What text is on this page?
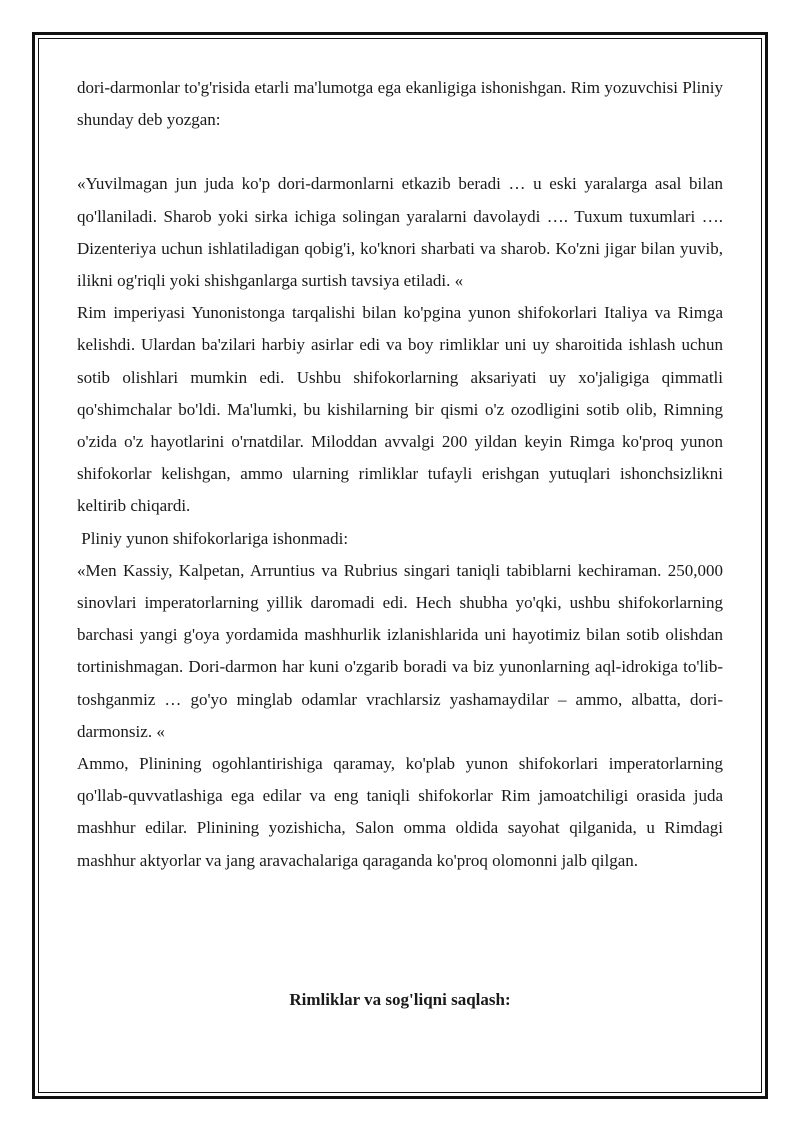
dori-darmonlar to'g'risida etarli ma'lumotga ega ekanligiga ishonishgan. Rim yozuvchisi Pliniy shunday deb yozgan:

«Yuvilmagan jun juda ko'p dori-darmonlarni etkazib beradi … u eski yaralarga asal bilan qo'llaniladi. Sharob yoki sirka ichiga solingan yaralarni davolaydi …. Tuxum tuxumlari …. Dizenteriya uchun ishlatiladigan qobig'i, ko'knori sharbati va sharob. Ko'zni jigar bilan yuvib, ilikni og'riqli yoki shishganlarga surtish tavsiya etiladi. «

Rim imperiyasi Yunonistonga tarqalishi bilan ko'pgina yunon shifokorlari Italiya va Rimga kelishdi. Ulardan ba'zilari harbiy asirlar edi va boy rimliklar uni uy sharoitida ishlash uchun sotib olishlari mumkin edi. Ushbu shifokorlarning aksariyati uy xo'jaligiga qimmatli qo'shimchalar bo'ldi. Ma'lumki, bu kishilarning bir qismi o'z ozodligini sotib olib, Rimning o'zida o'z hayotlarini o'rnatdilar. Miloddan avvalgi 200 yildan keyin Rimga ko'proq yunon shifokorlar kelishgan, ammo ularning rimliklar tufayli erishgan yutuqlari ishonchsizlikni keltirib chiqardi.

Pliniy yunon shifokorlariga ishonmadi:

«Men Kassiy, Kalpetan, Arruntius va Rubrius singari taniqli tabiblarni kechiraman. 250,000 sinovlari imperatorlarning yillik daromadi edi. Hech shubha yo'qki, ushbu shifokorlarning barchasi yangi g'oya yordamida mashhurlik izlanishlarida uni hayotimiz bilan sotib olishdan tortinishmagan. Dori-darmon har kuni o'zgarib boradi va biz yunonlarning aql-idrokiga to'lib-toshganmiz … go'yo minglab odamlar vrachlarsiz yashamaydilar – ammo, albatta, dori-darmonsiz. «

Ammo, Plinining ogohlantirishiga qaramay, ko'plab yunon shifokorlari imperatorlarning qo'llab-quvvatlashiga ega edilar va eng taniqli shifokorlar Rim jamoatchiligi orasida juda mashhur edilar. Plinining yozishicha, Salon omma oldida sayohat qilganida, u Rimdagi mashhur aktyorlar va jang aravachalariga qaraganda ko'proq olomonni jalb qilgan.

Rimliklar va sog'liqni saqlash:
